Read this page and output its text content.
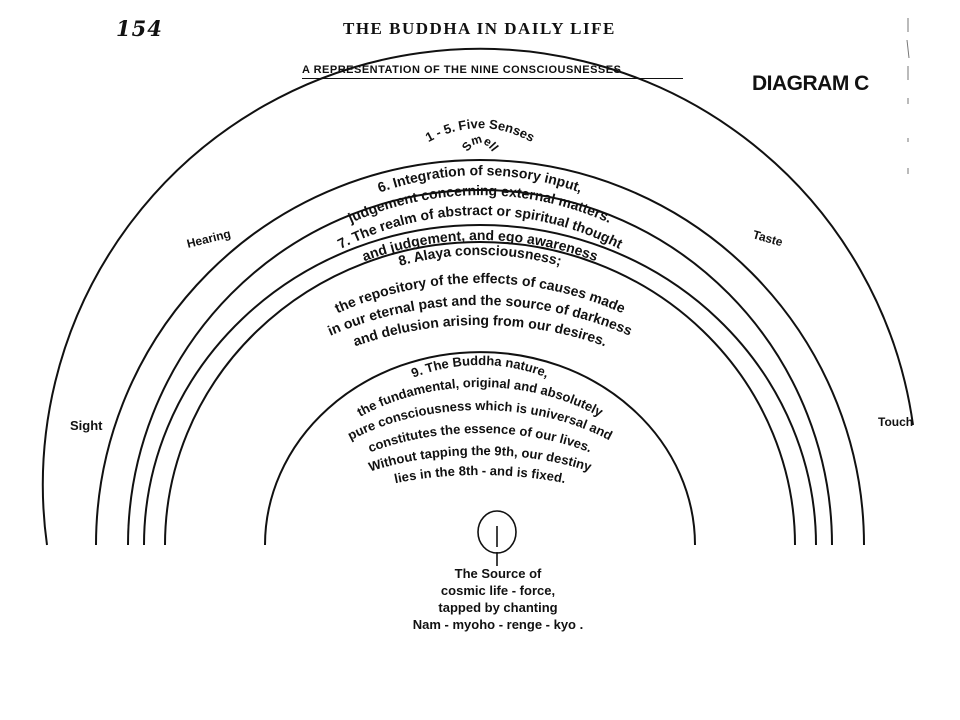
154	THE BUDDHA IN DAILY LIFE
A REPRESENTATION OF THE NINE CONSCIOUSNESSES
DIAGRAM C
1 - 5. Five Senses
Smell
Sight
Hearing	Taste
Touch
6. Integration of sensory input,
judgement concerning external matters.
7. The realm of abstract or spiritual thought
and judgement, and ego awareness
8. Alaya consciousness;
the repository of the effects of causes made
in our eternal past and the source of darkness
and delusion arising from our desires.
9. The Buddha nature,
the fundamental, original and absolutely
pure consciousness which is universal and
constitutes the essence of our lives.
Without tapping the 9th, our destiny
lies in the 8th - and is fixed.
The Source of
cosmic life - force,
tapped by chanting
Nam - myoho - renge - kyo .
